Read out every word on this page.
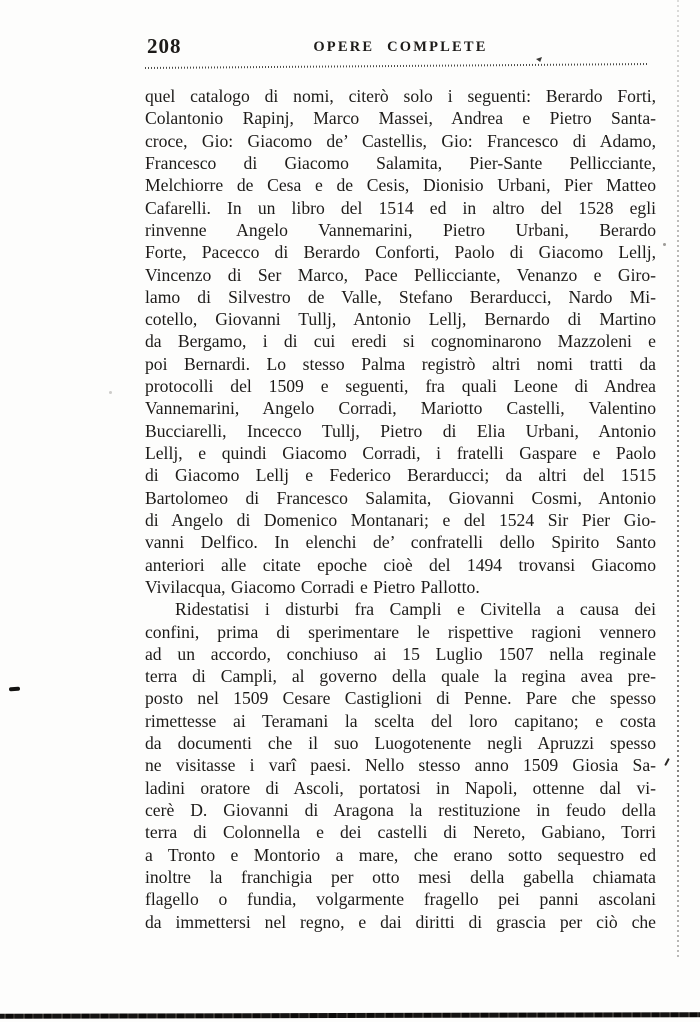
208	OPERE COMPLETE
quel catalogo di nomi, citerò solo i seguenti: Berardo Forti,
Colantonio Rapinj, Marco Massei, Andrea e Pietro Santa-
croce, Gio: Giacomo de’ Castellis, Gio: Francesco di Adamo,
Francesco di Giacomo Salamita, Pier-Sante Pellicciante,
Melchiorre de Cesa e de Cesis, Dionisio Urbani, Pier Matteo
Cafarelli. In un libro del 1514 ed in altro del 1528 egli
rinvenne Angelo Vannemarini, Pietro Urbani, Berardo
Forte, Pacecco di Berardo Conforti, Paolo di Giacomo Lellj,
Vincenzo di Ser Marco, Pace Pellicciante, Venanzo e Giro-
lamo di Silvestro de Valle, Stefano Berarducci, Nardo Mi-
cotello, Giovanni Tullj, Antonio Lellj, Bernardo di Martino
da Bergamo, i di cui eredi si cognominarono Mazzoleni e
poi Bernardi. Lo stesso Palma registrò altri nomi tratti da
protocolli del 1509 e seguenti, fra quali Leone di Andrea
Vannemarini, Angelo Corradi, Mariotto Castelli, Valentino
Bucciarelli, Incecco Tullj, Pietro di Elia Urbani, Antonio
Lellj, e quindi Giacomo Corradi, i fratelli Gaspare e Paolo
di Giacomo Lellj e Federico Berarducci; da altri del 1515
Bartolomeo di Francesco Salamita, Giovanni Cosmi, Antonio
di Angelo di Domenico Montanari; e del 1524 Sir Pier Gio-
vanni Delfico. In elenchi de’ confratelli dello Spirito Santo
anteriori alle citate epoche cioè del 1494 trovansi Giacomo
Vivilacqua, Giacomo Corradi e Pietro Pallotto.
Ridestatisi i disturbi fra Campli e Civitella a causa dei
confini, prima di sperimentare le rispettive ragioni vennero
ad un accordo, conchiuso ai 15 Luglio 1507 nella reginale
terra di Campli, al governo della quale la regina avea pre-
posto nel 1509 Cesare Castiglioni di Penne. Pare che spesso
rimettesse ai Teramani la scelta del loro capitano; e costa
da documenti che il suo Luogotenente negli Apruzzi spesso
ne visitasse i varî paesi. Nello stesso anno 1509 Giosia Sa-
ladini oratore di Ascoli, portatosi in Napoli, ottenne dal vi-
cerè D. Giovanni di Aragona la restituzione in feudo della
terra di Colonnella e dei castelli di Nereto, Gabiano, Torri
a Tronto e Montorio a mare, che erano sotto sequestro ed
inoltre la franchigia per otto mesi della gabella chiamata
flagello o fundia, volgarmente fragello pei panni ascolani
da immettersi nel regno, e dai diritti di grascia per ciò che
